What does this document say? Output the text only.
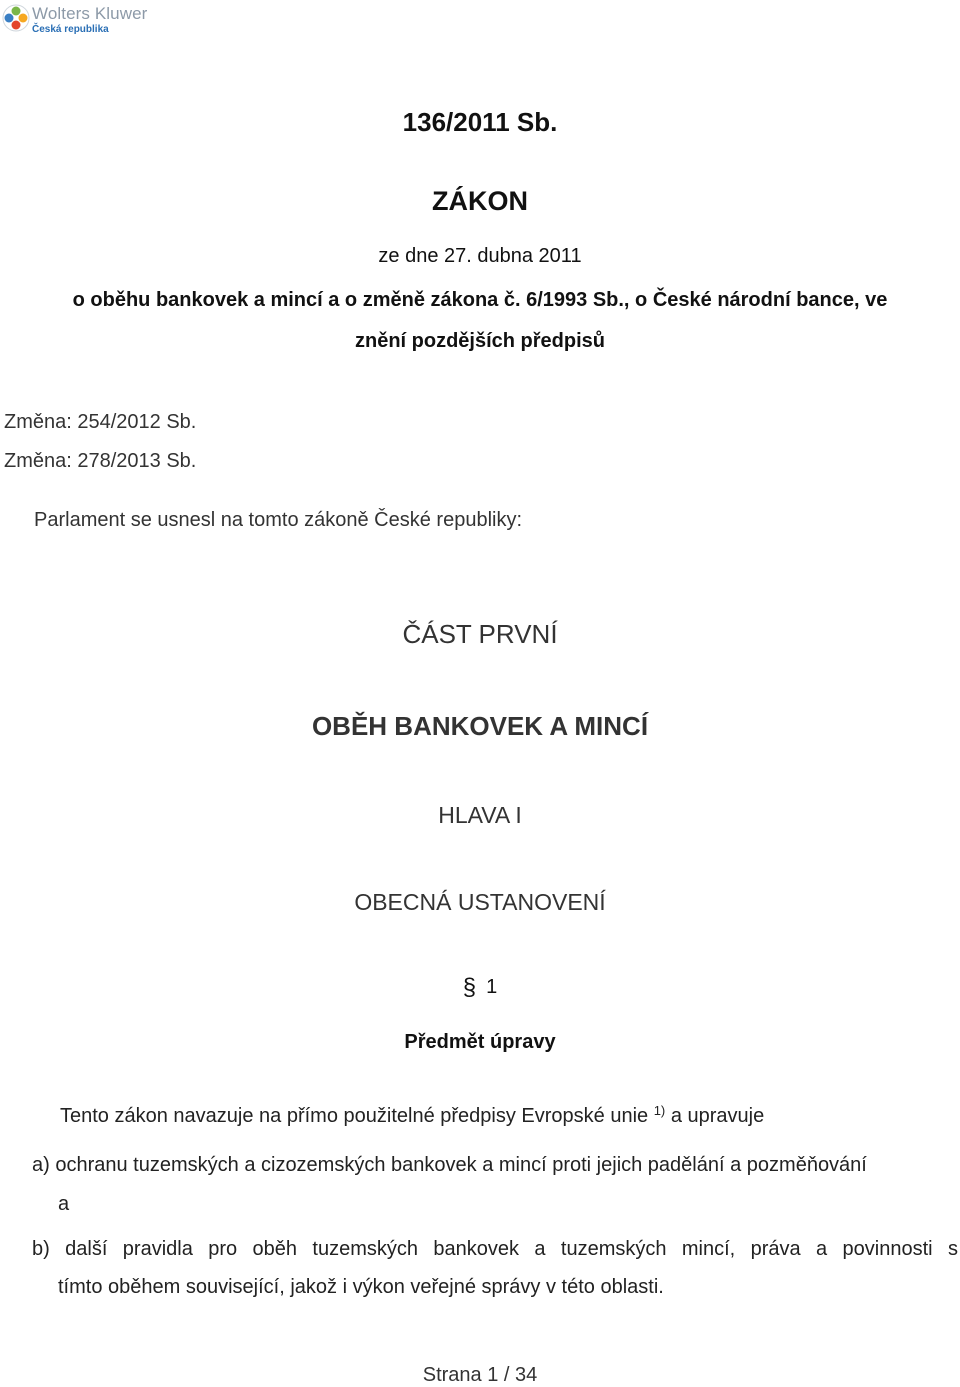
Wolters Kluwer
Česká republika
136/2011 Sb.
ZÁKON
ze dne 27. dubna 2011
o oběhu bankovek a mincí a o změně zákona č. 6/1993 Sb., o České národní bance, ve
znění pozdějších předpisů
Změna: 254/2012 Sb.
Změna: 278/2013 Sb.
Parlament se usnesl na tomto zákoně České republiky:
ČÁST PRVNÍ
OBĚH BANKOVEK A MINCÍ
HLAVA I
OBECNÁ USTANOVENÍ
§ 1
Předmět úpravy
Tento zákon navazuje na přímo použitelné předpisy Evropské unie $^{1)}$ a upravuje
a) ochranu tuzemských a cizozemských bankovek a mincí proti jejich padělání a pozměňování
a
b) další pravidla pro oběh tuzemských bankovek a tuzemských mincí, práva a povinnosti s
tímto oběhem související, jakož i výkon veřejné správy v této oblasti.
Strana 1 / 34
